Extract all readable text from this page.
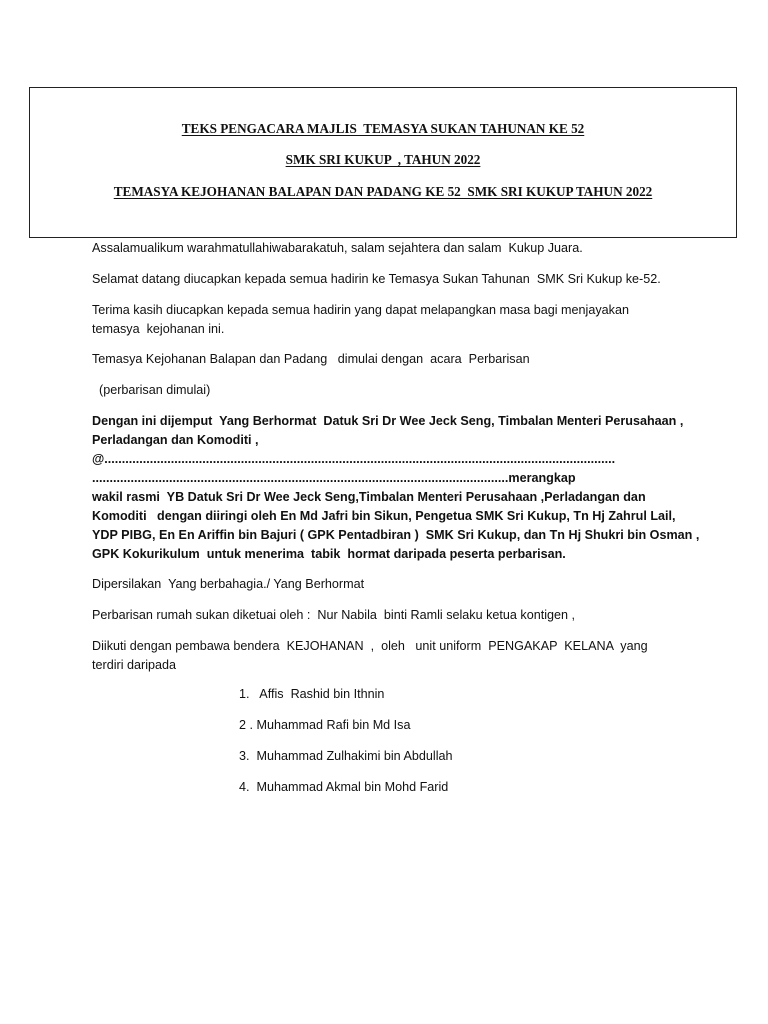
TEKS PENGACARA MAJLIS  TEMASYA SUKAN TAHUNAN KE 52
SMK SRI KUKUP  , TAHUN 2022
TEMASYA KEJOHANAN BALAPAN DAN PADANG KE 52  SMK SRI KUKUP TAHUN 2022
Assalamualikum warahmatullahiwabarakatuh, salam sejahtera dan salam  Kukup Juara.
Selamat datang diucapkan kepada semua hadirin ke Temasya Sukan Tahunan  SMK Sri Kukup ke-52.
Terima kasih diucapkan kepada semua hadirin yang dapat melapangkan masa bagi menjayakan
temasya  kejohanan ini.
Temasya Kejohanan Balapan dan Padang   dimulai dengan  acara  Perbarisan
(perbarisan dimulai)
Dengan ini dijemput  Yang Berhormat  Datuk Sri Dr Wee Jeck Seng, Timbalan Menteri Perusahaan ,
Perladangan dan Komoditi ,
@..................................................................................................................................................
.......................................................................................................................merangkap
wakil rasmi  YB Datuk Sri Dr Wee Jeck Seng,Timbalan Menteri Perusahaan ,Perladangan dan
Komoditi   dengan diiringi oleh En Md Jafri bin Sikun, Pengetua SMK Sri Kukup, Tn Hj Zahrul Lail,
YDP PIBG, En En Ariffin bin Bajuri ( GPK Pentadbiran )  SMK Sri Kukup, dan Tn Hj Shukri bin Osman ,
GPK Kokurikulum  untuk menerima  tabik  hormat daripada peserta perbarisan.
Dipersilakan  Yang berbahagia./ Yang Berhormat
Perbarisan rumah sukan diketuai oleh :  Nur Nabila  binti Ramli selaku ketua kontigen ,
Diikuti dengan pembawa bendera  KEJOHANAN  ,  oleh   unit uniform  PENGAKAP  KELANA  yang
terdiri daripada
1.   Affis  Rashid bin Ithnin
2 . Muhammad Rafi bin Md Isa
3.  Muhammad Zulhakimi bin Abdullah
4.  Muhammad Akmal bin Mohd Farid
